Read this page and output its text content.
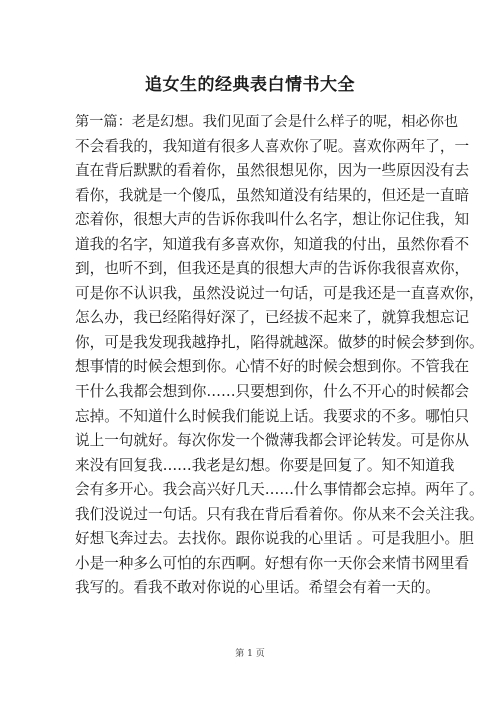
追女生的经典表白情书大全
第一篇：老是幻想。我们见面了会是什么样子的呢，相必你也
不会看我的，我知道有很多人喜欢你了呢。喜欢你两年了，一
直在背后默默的看着你，虽然很想见你，因为一些原因没有去
看你，我就是一个傻瓜，虽然知道没有结果的，但还是一直暗
恋着你，很想大声的告诉你我叫什么名字，想让你记住我，知
道我的名字，知道我有多喜欢你，知道我的付出，虽然你看不
到，也听不到，但我还是真的很想大声的告诉你我很喜欢你，
可是你不认识我，虽然没说过一句话，可是我还是一直喜欢你，
怎么办，我已经陷得好深了，已经拔不起来了，就算我想忘记
你，可是我发现我越挣扎，陷得就越深。做梦的时候会梦到你。
想事情的时候会想到你。心情不好的时候会想到你。不管我在
干什么我都会想到你……只要想到你，什么不开心的时候都会
忘掉。不知道什么时候我们能说上话。我要求的不多。哪怕只
说上一句就好。每次你发一个微薄我都会评论转发。可是你从
来没有回复我……我老是幻想。你要是回复了。知不知道我
会有多开心。我会高兴好几天……什么事情都会忘掉。两年了。
我们没说过一句话。只有我在背后看着你。你从来不会关注我。
好想飞奔过去。去找你。跟你说我的心里话 。可是我胆小。胆
小是一种多么可怕的东西啊。好想有你一天你会来情书网里看
我写的。看我不敢对你说的心里话。希望会有着一天的。
第 1 页
